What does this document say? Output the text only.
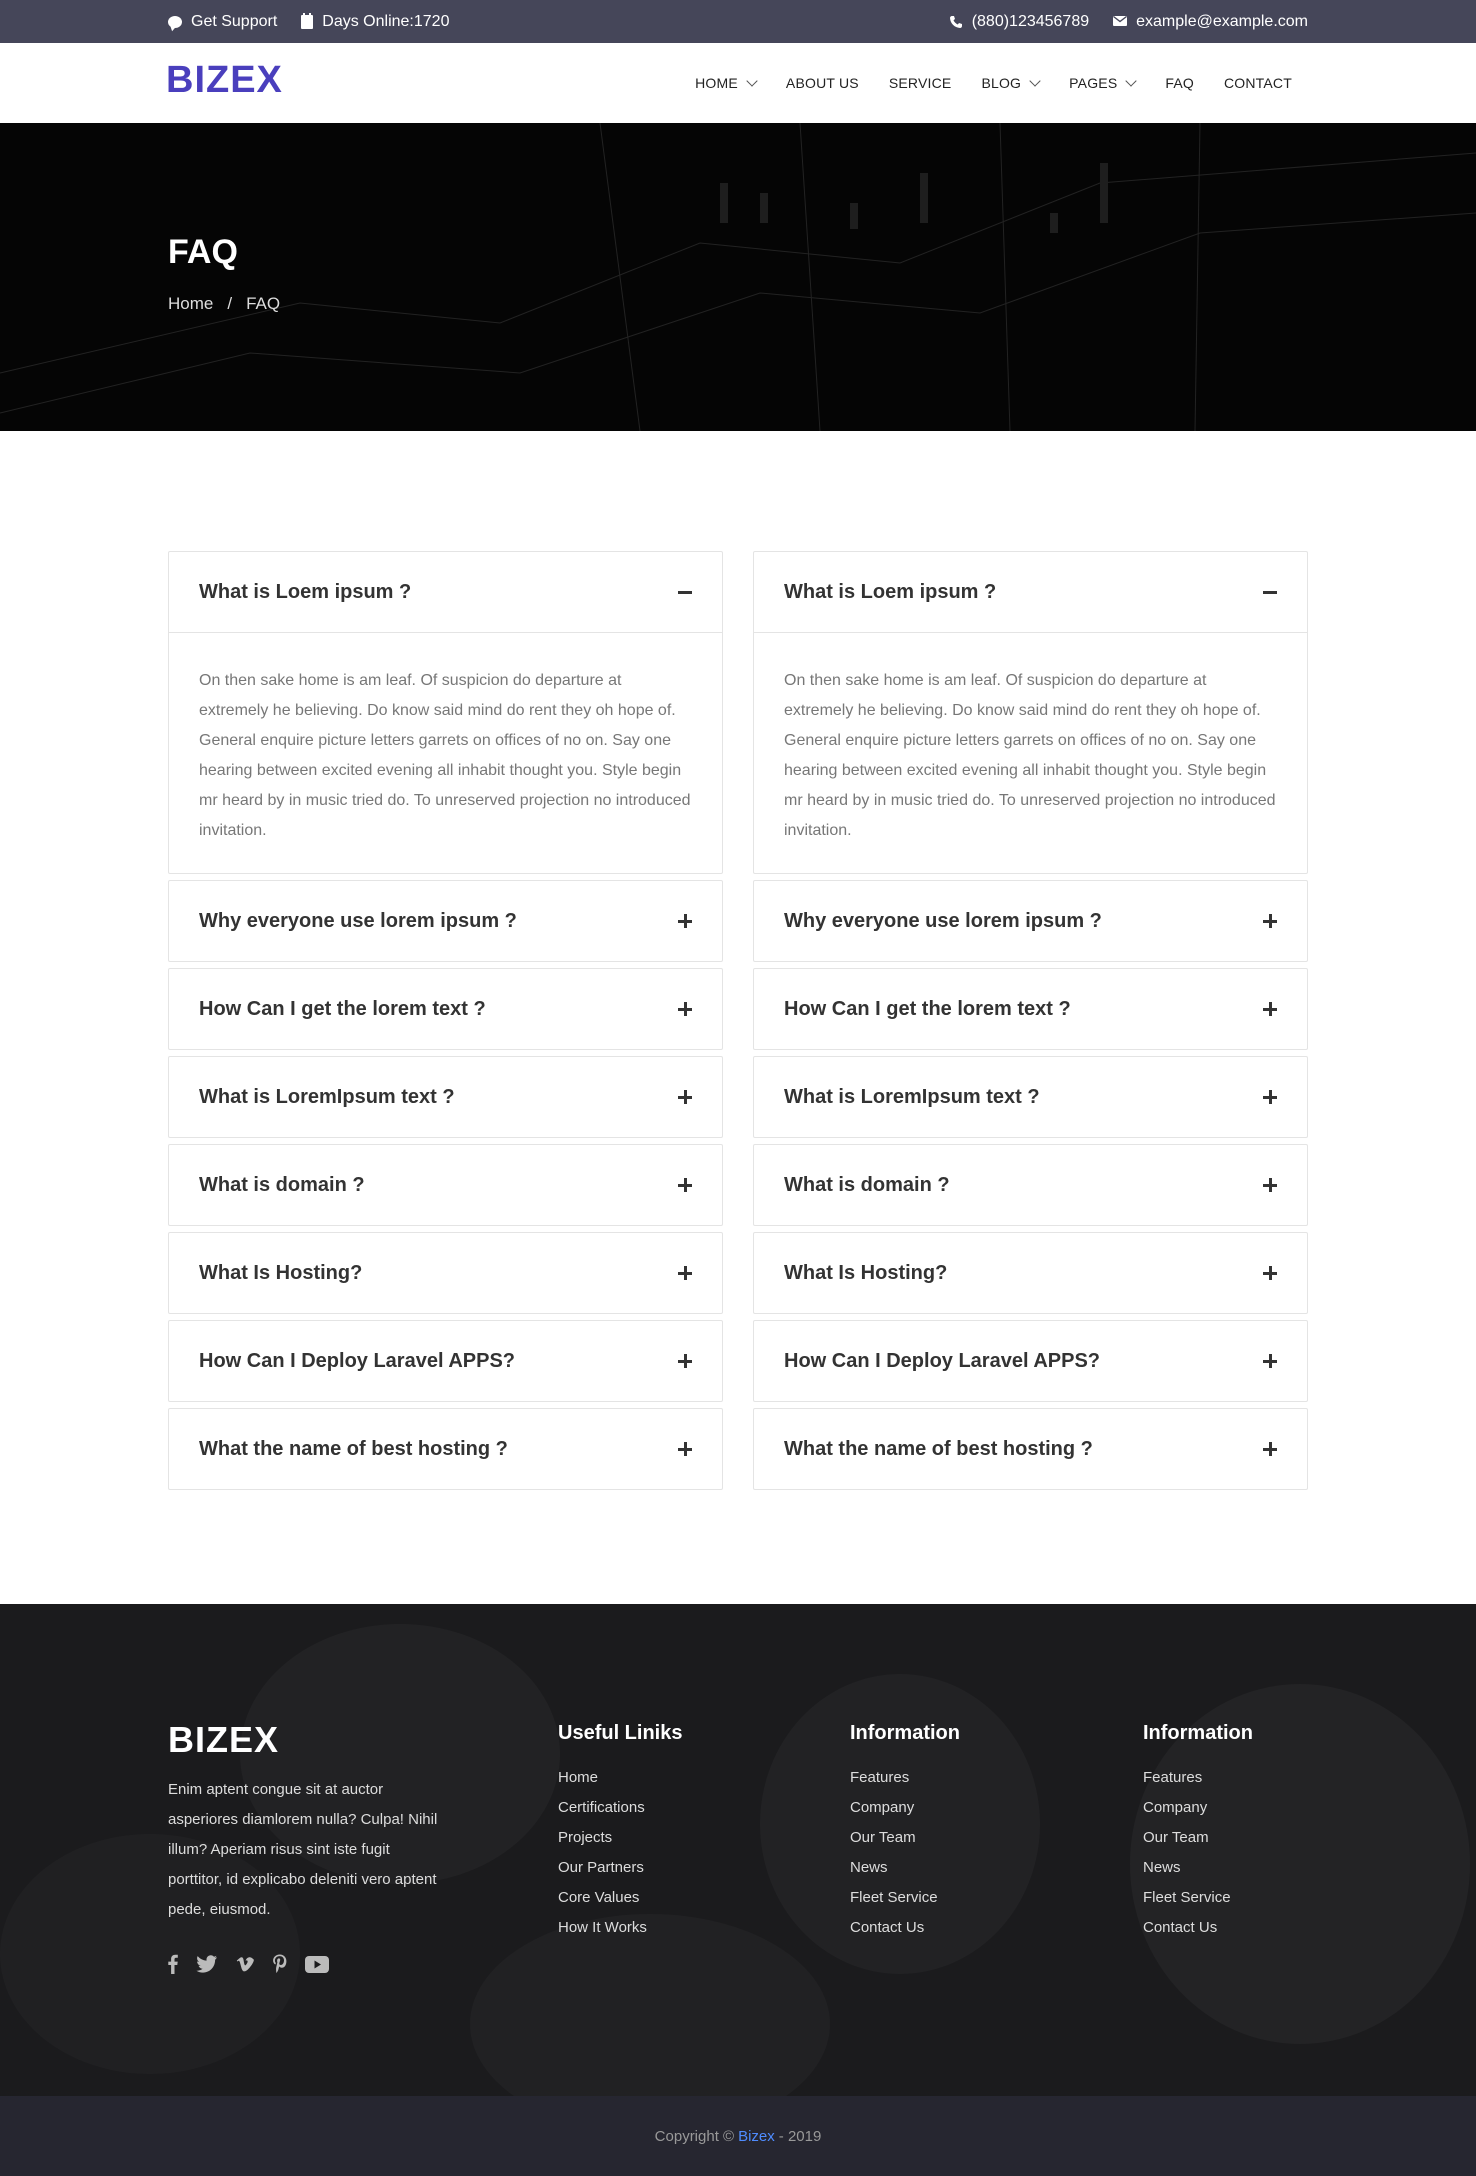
Get Support	Days Online:1720	(880)123456789	example@example.com
BIZEX	HOME	ABOUT US SERVICE BLOG	PAGES	FAQ CONTACT
FAQ
Home / FAQ
What is Loem ipsum ?
On then sake home is am leaf. Of suspicion do departure at extremely he believing. Do know said mind do rent they oh hope of. General enquire picture letters garrets on offices of no on. Say one hearing between excited evening all inhabit thought you. Style begin mr heard by in music tried do. To unreserved projection no introduced invitation.
Why everyone use lorem ipsum ?
How Can I get the lorem text ?
What is LoremIpsum text ?
What is domain ?
What Is Hosting?
How Can I Deploy Laravel APPS?
What the name of best hosting ?
What is Loem ipsum ?
On then sake home is am leaf. Of suspicion do departure at extremely he believing. Do know said mind do rent they oh hope of. General enquire picture letters garrets on offices of no on. Say one hearing between excited evening all inhabit thought you. Style begin mr heard by in music tried do. To unreserved projection no introduced invitation.
Why everyone use lorem ipsum ?
How Can I get the lorem text ?
What is LoremIpsum text ?
What is domain ?
What Is Hosting?
How Can I Deploy Laravel APPS?
What the name of best hosting ?
BIZEX
Enim aptent congue sit at auctor asperiores diamlorem nulla? Culpa! Nihil illum? Aperiam risus sint iste fugit porttitor, id explicabo deleniti vero aptent pede, eiusmod.
Useful Liniks
Home
Certifications
Projects
Our Partners
Core Values
How It Works
Information
Features
Company
Our Team
News
Fleet Service
Contact Us
Information
Features
Company
Our Team
News
Fleet Service
Contact Us
Copyright © Bizex - 2019
